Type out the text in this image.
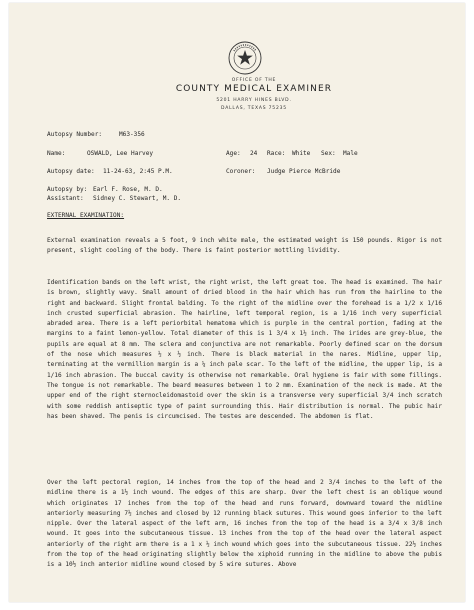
OFFICE OF THE
COUNTY MEDICAL EXAMINER
5201 HARRY HINES BLVD.
DALLAS, TEXAS 75235
Autopsy Number:	M63-356
Name:	OSWALD, Lee Harvey	Age: 24 Race: White Sex: Male
Autopsy date: 11-24-63, 2:45 P.M.	Coroner: Judge Pierce McBride
Autopsy by: Earl F. Rose, M. D.
Assistant: Sidney C. Stewart, M. D.
EXTERNAL EXAMINATION:
External examination reveals a 5 foot, 9 inch white male, the estimated weight is 150 pounds. Rigor is not present, slight cooling of the body. There is faint posterior mottling lividity.
Identification bands on the left wrist, the right wrist, the left great toe. The head is examined. The hair is brown, slightly wavy. Small amount of dried blood in the hair which has run from the hairline to the right and backward. Slight frontal balding. To the right of the midline over the forehead is a 1/2 x 1/16 inch crusted superficial abrasion. The hairline, left temporal region, is a 1/16 inch very superficial abraded area. There is a left periorbital hematoma which is purple in the central portion, fading at the margins to a faint lemon-yellow. Total diameter of this is 1 3/4 x 1½ inch. The irides are grey-blue, the pupils are equal at 8 mm. The sclera and conjunctiva are not remarkable. Poorly defined scar on the dorsum of the nose which measures ½ x ½ inch. There is black material in the nares. Midline, upper lip, terminating at the vermillion margin is a ¼ inch pale scar. To the left of the midline, the upper lip, is a 1/16 inch abrasion. The buccal cavity is otherwise not remarkable. Oral hygiene is fair with some fillings. The tongue is not remarkable. The beard measures between 1 to 2 mm. Examination of the neck is made. At the upper end of the right sternocleidomastoid over the skin is a transverse very superficial 3/4 inch scratch with some reddish antiseptic type of paint surrounding this. Hair distribution is normal. The pubic hair has been shaved. The penis is circumcised. The testes are descended. The abdomen is flat.
Over the left pectoral region, 14 inches from the top of the head and 2 3/4 inches to the left of the midline there is a 1½ inch wound. The edges of this are sharp. Over the left chest is an oblique wound which originates 17 inches from the top of the head and runs forward, downward toward the midline anteriorly measuring 7½ inches and closed by 12 running black sutures. This wound goes inferior to the left nipple. Over the lateral aspect of the left arm, 16 inches from the top of the head is a 3/4 x 3/8 inch wound. It goes into the subcutaneous tissue. 13 inches from the top of the head over the lateral aspect anteriorly of the right arm there is a 1 x ½ inch wound which goes into the subcutaneous tissue. 22½ inches from the top of the head originating slightly below the xiphoid running in the midline to above the pubis is a 10½ inch anterior midline wound closed by 5 wire sutures. Above
